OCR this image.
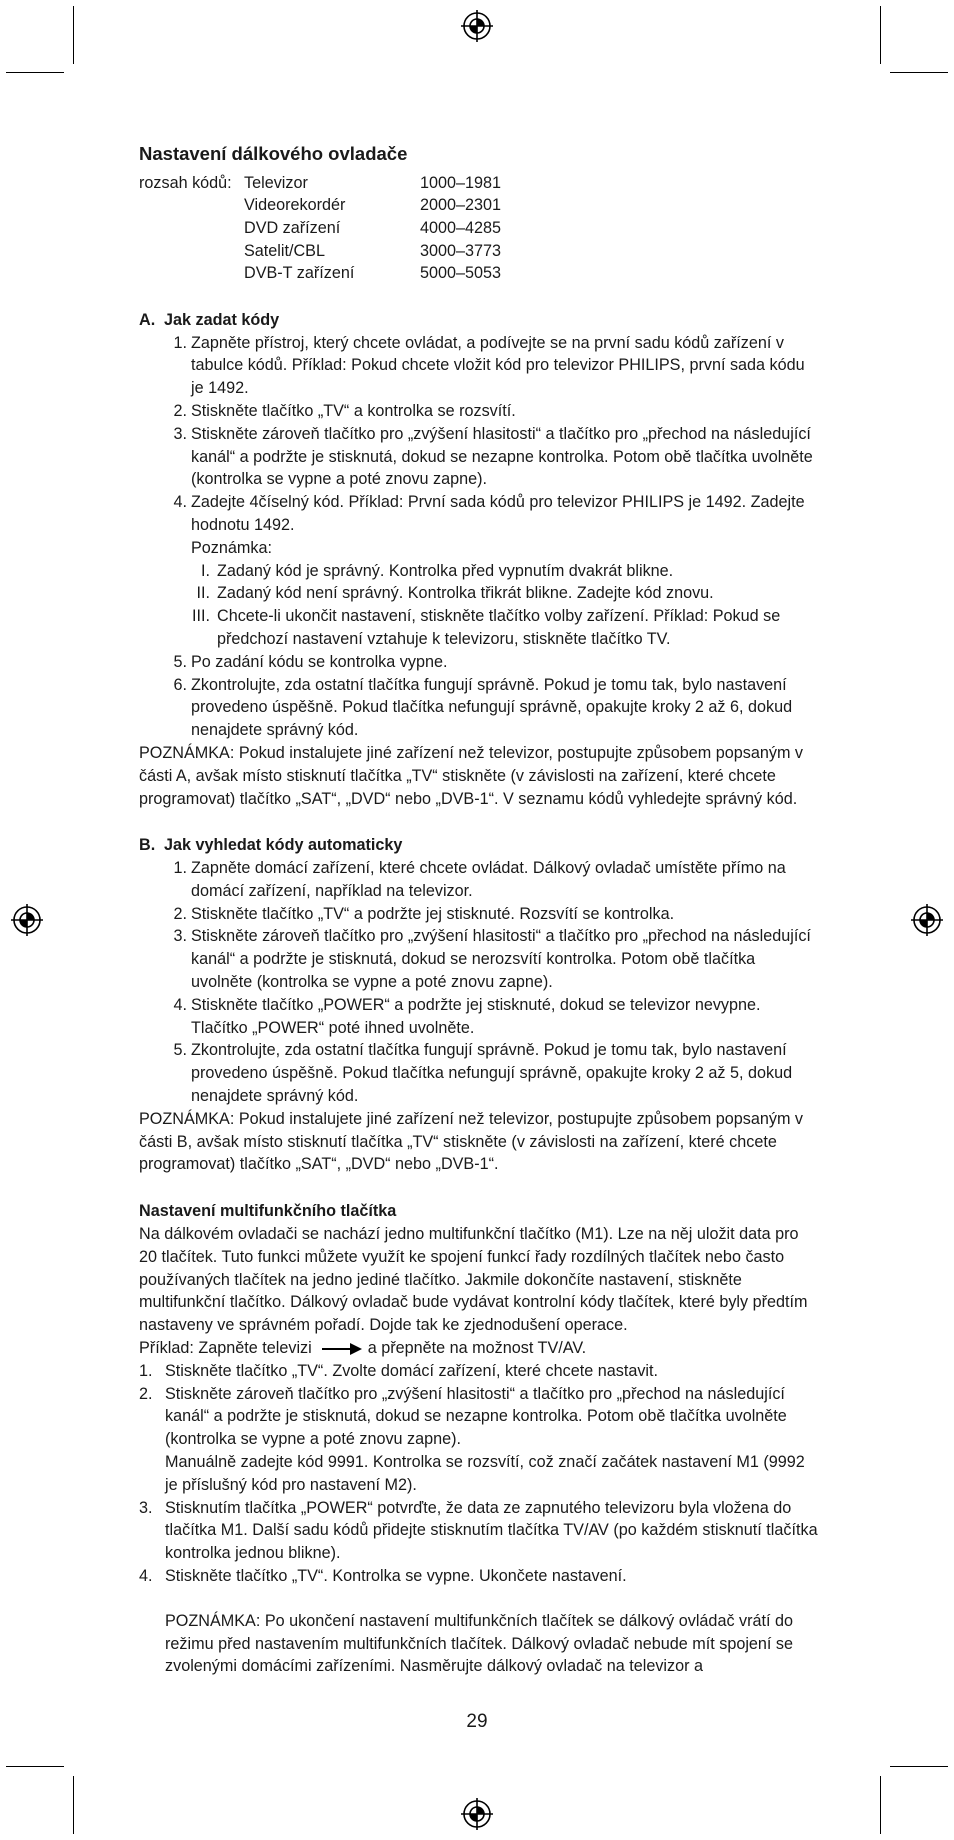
Nastavení dálkového ovladače
rozsah kódů: Televizor	1000–1981
Videorekordér	2000–2301
DVD zařízení	4000–4285
Satelit/CBL	3000–3773
DVB-T zařízení	5000–5053
A. Jak zadat kódy
1. Zapněte přístroj, který chcete ovládat, a podívejte se na první sadu kódů zařízení v tabulce kódů. Příklad: Pokud chcete vložit kód pro televizor PHILIPS, první sada kódu je 1492.
2. Stiskněte tlačítko „TV“ a kontrolka se rozsvítí.
3. Stiskněte zároveň tlačítko pro „zvýšení hlasitosti“ a tlačítko pro „přechod na následující kanál“ a podržte je stisknutá, dokud se nezapne kontrolka. Potom obě tlačítka uvolněte (kontrolka se vypne a poté znovu zapne).
4. Zadejte 4číselný kód. Příklad: První sada kódů pro televizor PHILIPS je 1492. Zadejte hodnotu 1492.
Poznámka:
I. Zadaný kód je správný. Kontrolka před vypnutím dvakrát blikne.
II. Zadaný kód není správný. Kontrolka třikrát blikne. Zadejte kód znovu.
III. Chcete-li ukončit nastavení, stiskněte tlačítko volby zařízení. Příklad: Pokud se předchozí nastavení vztahuje k televizoru, stiskněte tlačítko TV.
5. Po zadání kódu se kontrolka vypne.
6. Zkontrolujte, zda ostatní tlačítka fungují správně. Pokud je tomu tak, bylo nastavení provedeno úspěšně. Pokud tlačítka nefungují správně, opakujte kroky 2 až 6, dokud nenajdete správný kód.

POZNÁMKA: Pokud instalujete jiné zařízení než televizor, postupujte způsobem popsaným v části A, avšak místo stisknutí tlačítka „TV“ stiskněte (v závislosti na zařízení, které chcete programovat) tlačítko „SAT“, „DVD“ nebo „DVB-1“. V seznamu kódů vyhledejte správný kód.

B. Jak vyhledat kódy automaticky
1. Zapněte domácí zařízení, které chcete ovládat. Dálkový ovladač umístěte přímo na domácí zařízení, například na televizor.
2. Stiskněte tlačítko „TV“ a podržte jej stisknuté. Rozsvítí se kontrolka.
3. Stiskněte zároveň tlačítko pro „zvýšení hlasitosti“ a tlačítko pro „přechod na následující kanál“ a podržte je stisknutá, dokud se nerozsvítí kontrolka. Potom obě tlačítka uvolněte (kontrolka se vypne a poté znovu zapne).
4. Stiskněte tlačítko „POWER“ a podržte jej stisknuté, dokud se televizor nevypne. Tlačítko „POWER“ poté ihned uvolněte.
5. Zkontrolujte, zda ostatní tlačítka fungují správně. Pokud je tomu tak, bylo nastavení provedeno úspěšně. Pokud tlačítka nefungují správně, opakujte kroky 2 až 5, dokud nenajdete správný kód.

POZNÁMKA: Pokud instalujete jiné zařízení než televizor, postupujte způsobem popsaným v části B, avšak místo stisknutí tlačítka „TV“ stiskněte (v závislosti na zařízení, které chcete programovat) tlačítko „SAT“, „DVD“ nebo „DVB-1“.

Nastavení multifunkčního tlačítka

Na dálkovém ovladači se nachází jedno multifunkční tlačítko (M1). Lze na něj uložit data pro 20 tlačítek. Tuto funkci můžete využít ke spojení funkcí řady rozdílných tlačítek nebo často používaných tlačítek na jedno jediné tlačítko. Jakmile dokončíte nastavení, stiskněte multifunkční tlačítko. Dálkový ovladač bude vydávat kontrolní kódy tlačítek, které byly předtím nastaveny ve správném pořadí. Dojde tak ke zjednodušení operace.

Příklad: Zapněte televizi	a přepněte na možnost TV/AV.

1. Stiskněte tlačítko „TV“. Zvolte domácí zařízení, které chcete nastavit.
2. Stiskněte zároveň tlačítko pro „zvýšení hlasitosti“ a tlačítko pro „přechod na následující kanál“ a podržte je stisknutá, dokud se nezapne kontrolka. Potom obě tlačítka uvolněte (kontrolka se vypne a poté znovu zapne).
Manuálně zadejte kód 9991. Kontrolka se rozsvítí, což značí začátek nastavení M1 (9992 je příslušný kód pro nastavení M2).
3. Stisknutím tlačítka „POWER“ potvrďte, že data ze zapnutého televizoru byla vložena do tlačítka M1. Další sadu kódů přidejte stisknutím tlačítka TV/AV (po každém stisknutí tlačítka kontrolka jednou blikne).
4. Stiskněte tlačítko „TV“. Kontrolka se vypne. Ukončete nastavení.

POZNÁMKA: Po ukončení nastavení multifunkčních tlačítek se dálkový ovládač vrátí do režimu před nastavením multifunkčních tlačítek. Dálkový ovladač nebude mít spojení se zvolenými domácími zařízeními. Nasměrujte dálkový ovladač na televizor a

29
